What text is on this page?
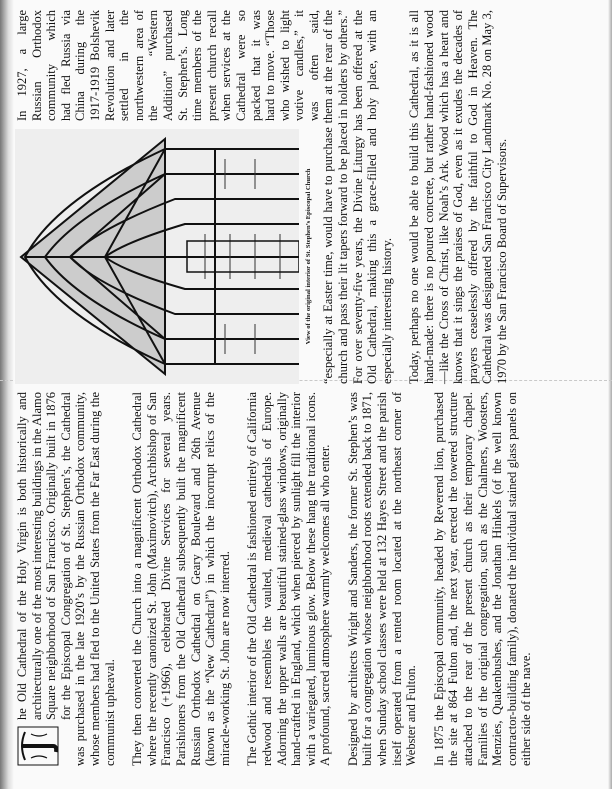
he Old Cathedral of the Holy Virgin is both historically and architecturally one of the most interesting buildings in the Alamo Square neighborhood of San Francisco. Originally built in 1876 for the Episcopal Congregation of St. Stephen’s, the Cathedral was purchased in the late 1920’s by the Russian Orthodox community, whose members had fled to the United States from the Far East during the communist upheaval. They then converted the Church into a magnificent Orthodox Cathedral where the recently canonized St. John (Maximovitch), Archbishop of San Francisco (+1966), celebrated Divine Services for several years. Parishioners from the Old Cathedral subsequently built the magnificent Russian Orthodox Cathedral on Geary Boulevard and 26th Avenue (known as the “New Cathedral”) in which the incorrupt relics of the miracle-working St. John are now interred. The Gothic interior of the Old Cathedral is fashioned entirely of California redwood and resembles the vaulted, medieval cathedrals of Europe. Adorning the upper walls are beautiful stained-glass windows, originally hand-crafted in England, which when pierced by sunlight fill the interior with a variegated, luminous glow. Below these hang the traditional icons. A profound, sacred atmosphere warmly welcomes all who enter. Designed by architects Wright and Sanders, the former St. Stephen’s was built for a congregation whose neighborhood roots extended back to 1871, when Sunday school classes were held at 132 Hayes Street and the parish itself operated from a rented room located at the northeast corner of Webster and Fulton. In 1875 the Episcopal community, headed by Reverend lion, purchased the site at 864 Fulton and, the next year, erected the towered structure attached to the rear of the present church as their temporary chapel. Families of the original congregation, such as the Chalmers, Woosters, Menzies, Quakenbushes, and the Jonathan Hinkels (of the well known contractor-building family), donated the individual stained glass panels on either side of the nave.

View of the original interior of St. Stephen’s Episcopal Church

In 1927, a large Russian Orthodox community which had fled Russia via China during the 1917-1919 Bolshevik Revolution and later settled in the northwestern area of the “Western Addition” purchased St. Stephen’s. Long time members of the present church recall when services at the Cathedral were so packed that it was hard to move. “Those who wished to light votive candles,” it was often said, “especially at Easter time, would have to purchase them at the rear of the church and pass their lit tapers forward to be placed in holders by others.” For over seventy-five years, the Divine Liturgy has been offered at the Old Cathedral, making this a grace-filled and holy place, with an especially interesting history. Today, perhaps no one would be able to build this Cathedral, as it is all hand-made: there is no poured concrete, but rather hand-fashioned wood—like the Cross of Christ, like Noah’s Ark. Wood which has a heart and knows that it sings the praises of God, even as it exudes the decades of prayers ceaselessly offered by the faithful to God in Heaven. The Cathedral was designated San Francisco City Landmark No. 28 on May 3, 1970 by the San Francisco Board of Supervisors.
